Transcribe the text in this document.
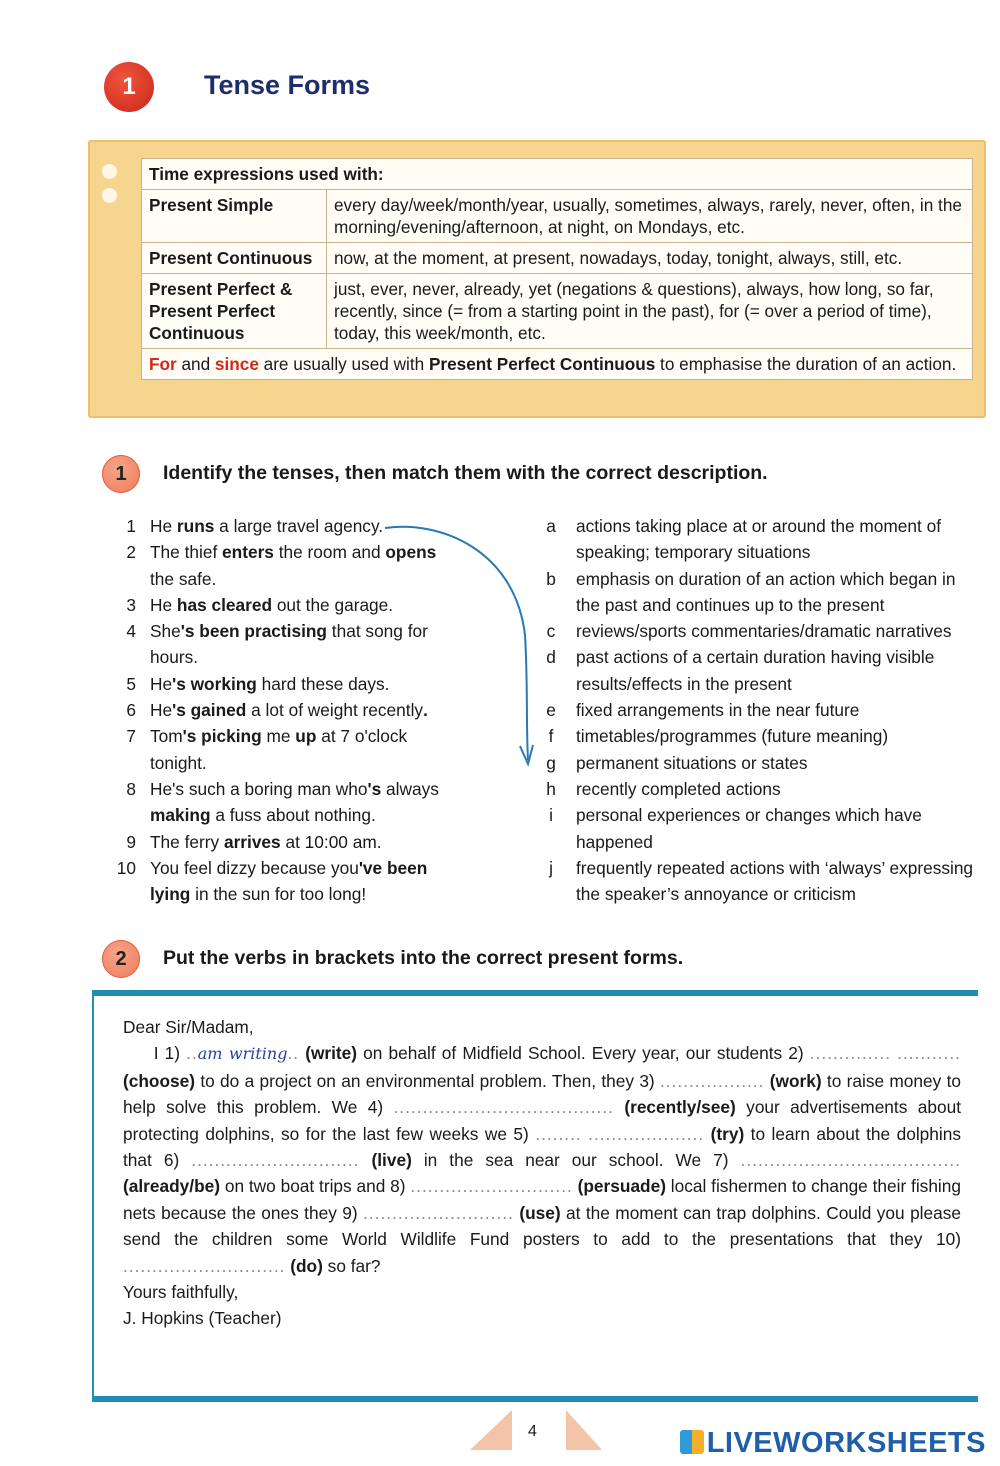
1	Tense Forms
Time expressions used with:	
Present Simple	every day/week/month/year, usually, sometimes, always, rarely, never, often, in the morning/evening/afternoon, at night, on Mondays, etc.
Present Continuous	now, at the moment, at present, nowadays, today, tonight, always, still, etc.
Present Perfect & Present Perfect Continuous	just, ever, never, already, yet (negations & questions), always, how long, so far, recently, since (= from a starting point in the past), for (= over a period of time), today, this week/month, etc.
For and since are usually used with Present Perfect Continuous to emphasise the duration of an action.	
1	Identify the tenses, then match them with the correct description.
1 He runs a large travel agency.
2 The thief enters the room and opens the safe.
3 He has cleared out the garage.
4 She's been practising that song for hours.
5 He's working hard these days.
6 He's gained a lot of weight recently.
7 Tom's picking me up at 7 o'clock tonight.
8 He's such a boring man who's always making a fuss about nothing.
9 The ferry arrives at 10:00 am.
10 You feel dizzy because you've been lying in the sun for too long!
a	actions taking place at or around the moment of speaking; temporary situations
b	emphasis on duration of an action which began in the past and continues up to the present
c	reviews/sports commentaries/dramatic narratives
d	past actions of a certain duration having visible results/effects in the present
e	fixed arrangements in the near future
f	timetables/programmes (future meaning)
g	permanent situations or states
h	recently completed actions
i	personal experiences or changes which have happened
j	frequently repeated actions with ‘always’ expressing the speaker’s annoyance or criticism
2	Put the verbs in brackets into the correct present forms.

Dear Sir/Madam,

I 1) ..am writing.. (write) on behalf of Midfield School. Every year, our students 2) .............. ........... (choose) to do a project on an environmental problem. Then, they 3) .................. (work) to raise money to help solve this problem. We 4) ...................................... (recently/see) your advertisements about protecting dolphins, so for the last few weeks we 5) ........ .................... (try) to learn about the dolphins that 6) ............................. (live) in the sea near our school. We 7) ...................................... (already/be) on two boat trips and 8) ............................ (persuade) local fishermen to change their fishing nets because the ones they 9) .......................... (use) at the moment can trap dolphins. Could you please send the children some World Wildlife Fund posters to add to the presentations that they 10) ............................ (do) so far?

Yours faithfully,

J. Hopkins (Teacher)

4	LIVEWORKSHEETS
